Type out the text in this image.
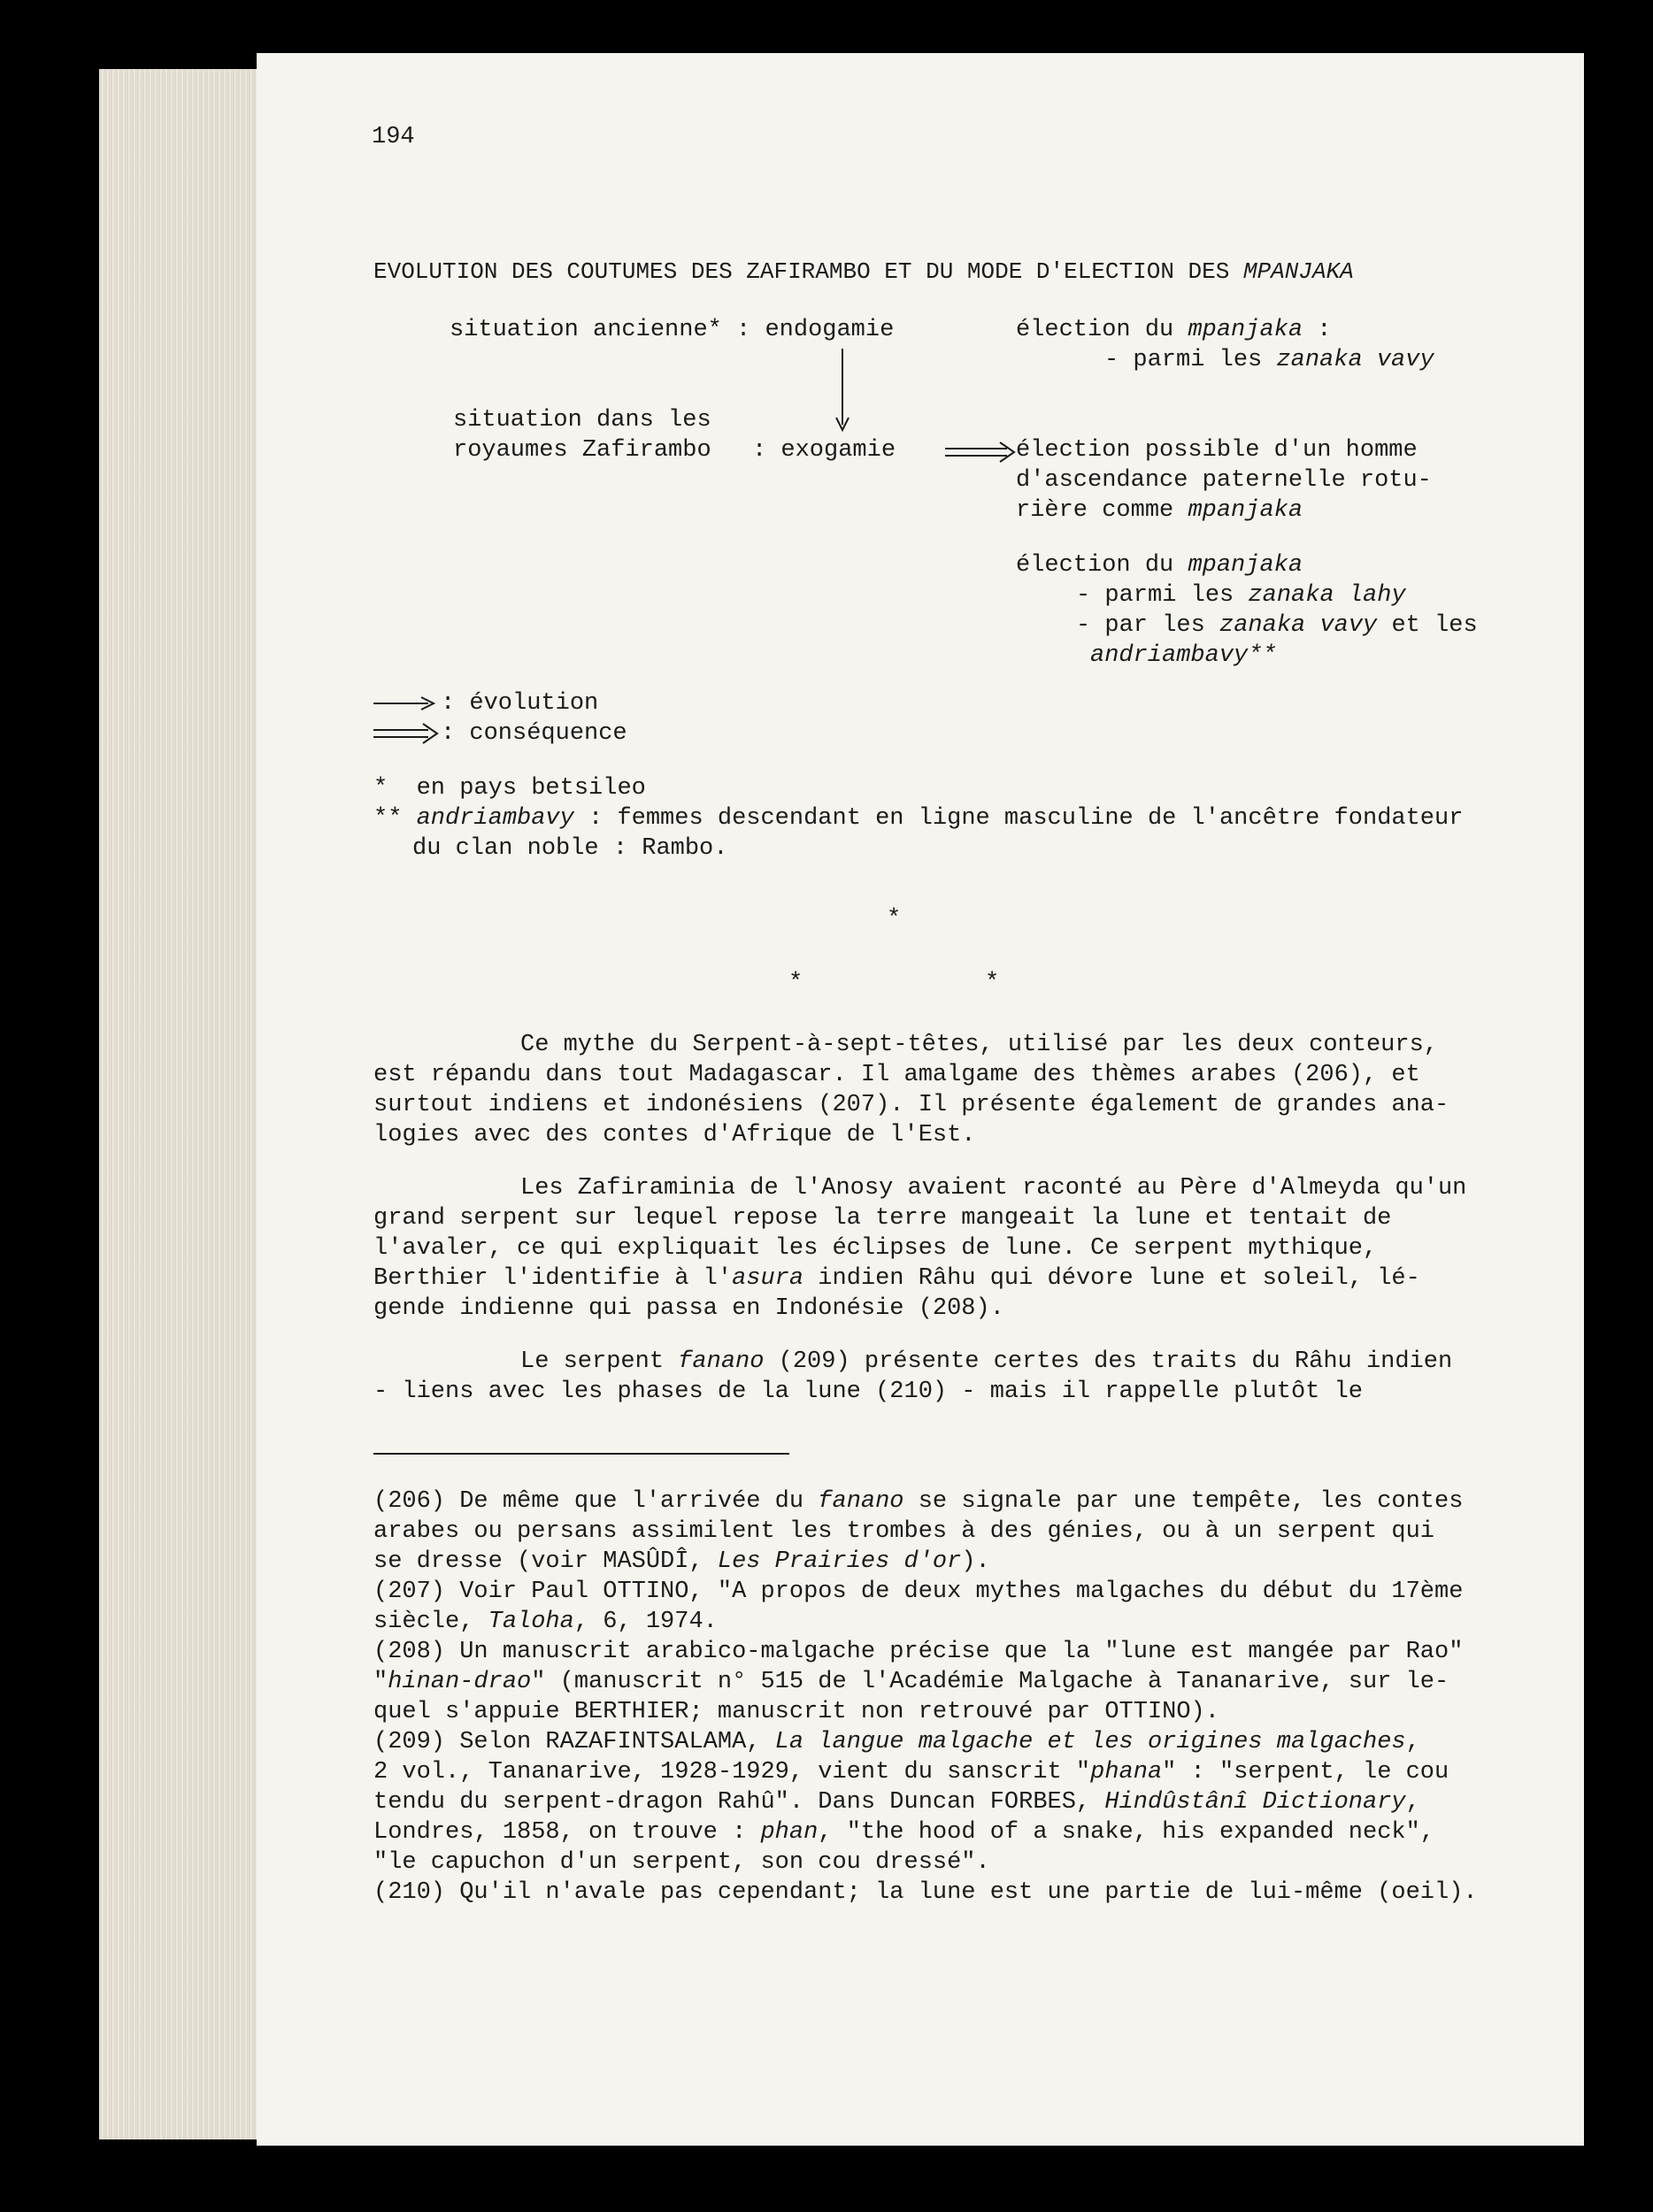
194
EVOLUTION DES COUTUMES DES ZAFIRAMBO ET DU MODE D'ELECTION DES MPANJAKA
situation ancienne* : endogamie	élection du mpanjaka :
- parmi les zanaka vavy
situation dans les
royaumes Zafirambo : exogamie	élection possible d'un homme
d'ascendance paternelle rotu-
rière comme mpanjaka
élection du mpanjaka
- parmi les zanaka lahy
- par les zanaka vavy et les
andriambavy**
: évolution
: conséquence
*  en pays betsileo
** andriambavy : femmes descendant en ligne masculine de l'ancêtre fondateur
du clan noble : Rambo.
*
*	*
Ce mythe du Serpent-à-sept-têtes, utilisé par les deux conteurs,
est répandu dans tout Madagascar. Il amalgame des thèmes arabes (206), et
surtout indiens et indonésiens (207). Il présente également de grandes ana-
logies avec des contes d'Afrique de l'Est.
Les Zafiraminia de l'Anosy avaient raconté au Père d'Almeyda qu'un
grand serpent sur lequel repose la terre mangeait la lune et tentait de
l'avaler, ce qui expliquait les éclipses de lune. Ce serpent mythique,
Berthier l'identifie à l'asura indien Râhu qui dévore lune et soleil, lé-
gende indienne qui passa en Indonésie (208).
Le serpent fanano (209) présente certes des traits du Râhu indien
- liens avec les phases de la lune (210) - mais il rappelle plutôt le
(206) De même que l'arrivée du fanano se signale par une tempête, les contes
arabes ou persans assimilent les trombes à des génies, ou à un serpent qui
se dresse (voir MASÛDÎ, Les Prairies d'or).
(207) Voir Paul OTTINO, "A propos de deux mythes malgaches du début du 17ème
siècle, Taloha, 6, 1974.
(208) Un manuscrit arabico-malgache précise que la "lune est mangée par Rao"
"hinan-drao" (manuscrit n° 515 de l'Académie Malgache à Tananarive, sur le-
quel s'appuie BERTHIER; manuscrit non retrouvé par OTTINO).
(209) Selon RAZAFINTSALAMA, La langue malgache et les origines malgaches,
2 vol., Tananarive, 1928-1929, vient du sanscrit "phana" : "serpent, le cou
tendu du serpent-dragon Rahû". Dans Duncan FORBES, Hindûstânî Dictionary,
Londres, 1858, on trouve : phan, "the hood of a snake, his expanded neck",
"le capuchon d'un serpent, son cou dressé".
(210) Qu'il n'avale pas cependant; la lune est une partie de lui-même (oeil).
